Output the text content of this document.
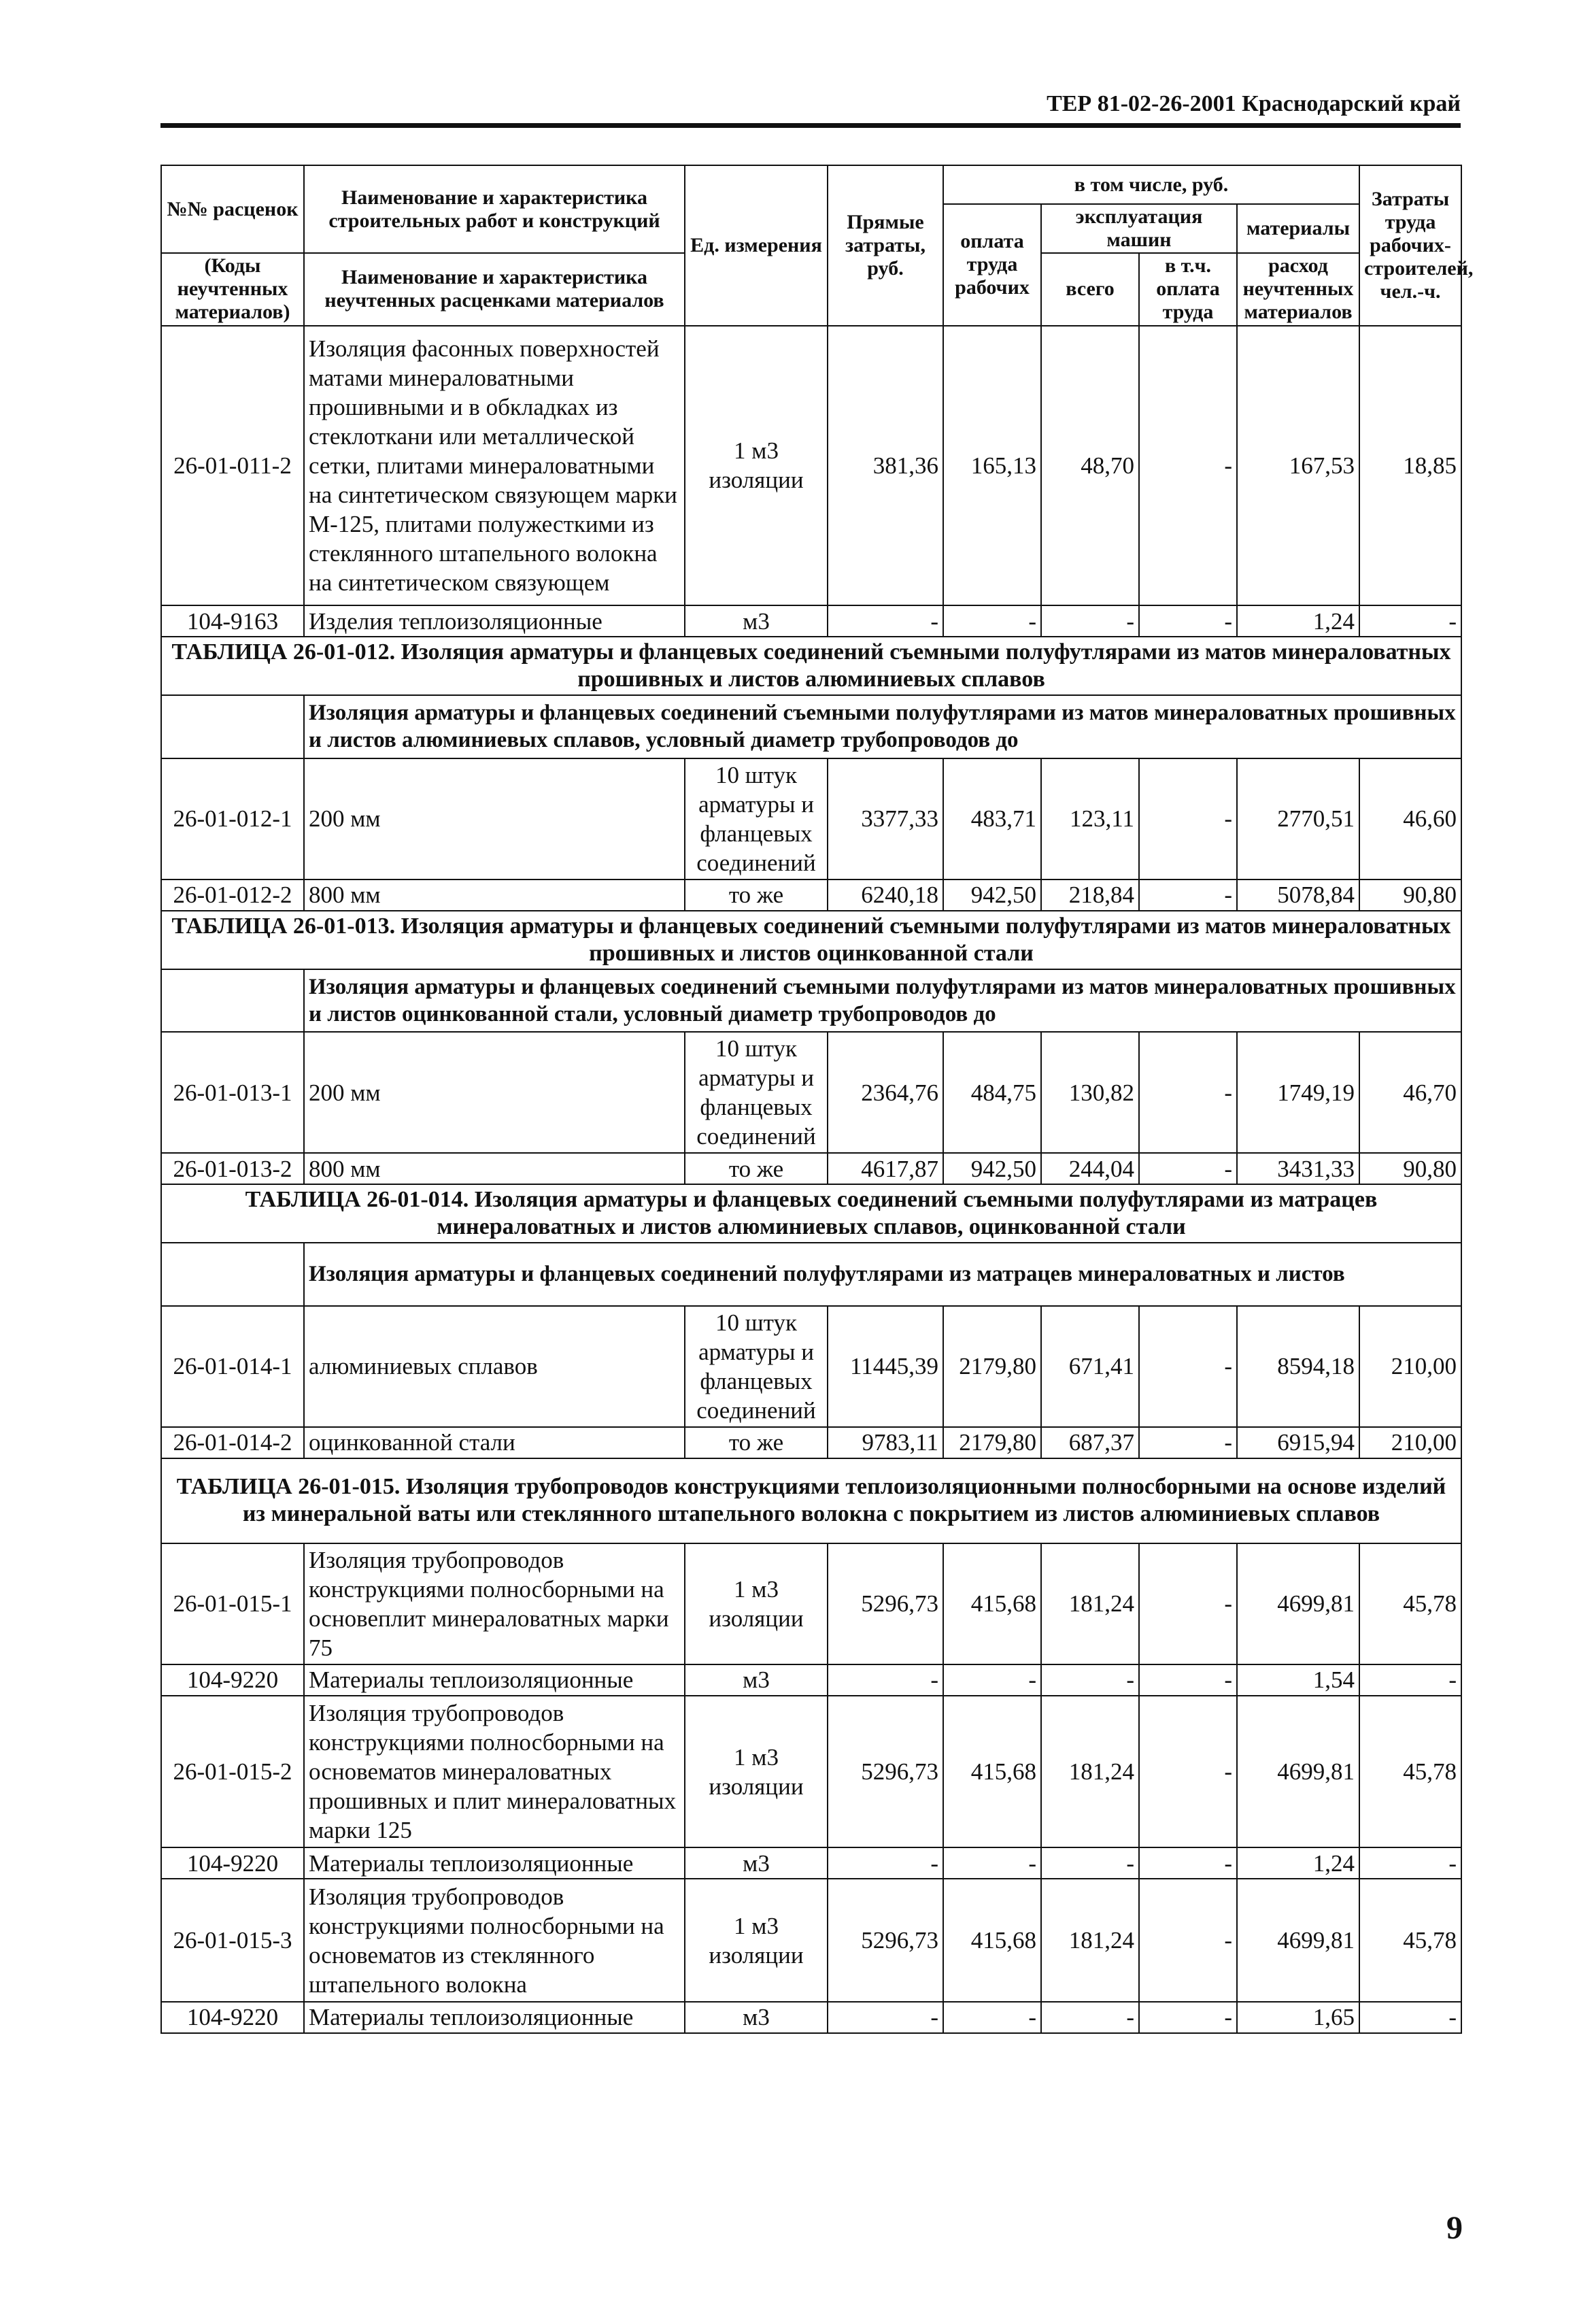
ТЕР 81-02-26-2001 Краснодарский край
№№ расценок	Наименование и характеристика строительных работ и конструкций	Ед. измерения	Прямые затраты, руб.	в том числе, руб.				Затраты труда рабочих-строителей, чел.-ч.
				оплата труда рабочих	эксплуатация машин		материалы	

(Коды неучтенных материалов)	Наименование и характеристика неучтенных расценками материалов				всего	в т.ч. оплата труда	расход неучтенных материалов	

26-01-011-2	Изоляция фасонных поверхностей матами минераловатными прошивными и в обкладках из стеклоткани или металлической сетки, плитами минераловатными на синтетическом связующем марки М-125, плитами полужесткими из стеклянного штапельного волокна на синтетическом связующем	1 м3 изоляции	381,36	165,13	48,70	-	167,53	18,85
104-9163	Изделия теплоизоляционные	м3	-	-	-	-	1,24	-
ТАБЛИЦА 26-01-012. Изоляция арматуры и фланцевых соединений съемными полуфутлярами из матов минераловатных прошивных и листов алюминиевых сплавов								
	Изоляция арматуры и фланцевых соединений съемными полуфутлярами из матов минераловатных прошивных и листов алюминиевых сплавов, условный диаметр трубопроводов до							
26-01-012-1	200 мм	10 штук арматуры и фланцевых соединений	3377,33	483,71	123,11	-	2770,51	46,60
26-01-012-2	800 мм	то же	6240,18	942,50	218,84	-	5078,84	90,80
ТАБЛИЦА 26-01-013. Изоляция арматуры и фланцевых соединений съемными полуфутлярами из матов минераловатных прошивных и листов оцинкованной стали								
	Изоляция арматуры и фланцевых соединений съемными полуфутлярами из матов минераловатных прошивных и листов оцинкованной стали, условный диаметр трубопроводов до							
26-01-013-1	200 мм	10 штук арматуры и фланцевых соединений	2364,76	484,75	130,82	-	1749,19	46,70
26-01-013-2	800 мм	то же	4617,87	942,50	244,04	-	3431,33	90,80
ТАБЛИЦА 26-01-014. Изоляция арматуры и фланцевых соединений съемными полуфутлярами из матрацев минераловатных и листов алюминиевых сплавов, оцинкованной стали								
	Изоляция арматуры и фланцевых соединений полуфутлярами из матрацев минераловатных и листов							
26-01-014-1	алюминиевых сплавов	10 штук арматуры и фланцевых соединений	11445,39	2179,80	671,41	-	8594,18	210,00
26-01-014-2	оцинкованной стали	то же	9783,11	2179,80	687,37	-	6915,94	210,00
ТАБЛИЦА 26-01-015. Изоляция трубопроводов конструкциями теплоизоляционными полносборными на основе изделий из минеральной ваты или стеклянного штапельного волокна с покрытием из листов алюминиевых сплавов								
26-01-015-1	Изоляция трубопроводов конструкциями полносборными на основеплит минераловатных марки 75	1 м3 изоляции	5296,73	415,68	181,24	-	4699,81	45,78
104-9220	Материалы теплоизоляционные	м3	-	-	-	-	1,54	-
26-01-015-2	Изоляция трубопроводов конструкциями полносборными на основематов минераловатных прошивных и плит минераловатных марки 125	1 м3 изоляции	5296,73	415,68	181,24	-	4699,81	45,78
104-9220	Материалы теплоизоляционные	м3	-	-	-	-	1,24	-
26-01-015-3	Изоляция трубопроводов конструкциями полносборными на основематов из стеклянного штапельного волокна	1 м3 изоляции	5296,73	415,68	181,24	-	4699,81	45,78
104-9220	Материалы теплоизоляционные	м3	-	-	-	-	1,65	-
9
